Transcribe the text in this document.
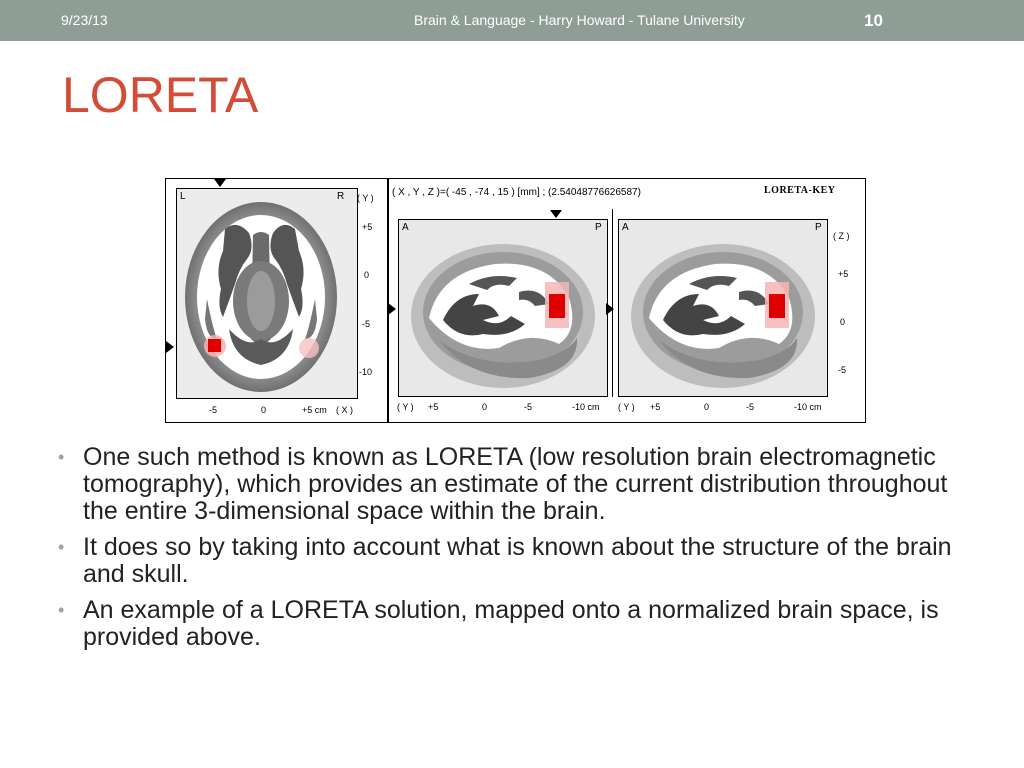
9/23/13	Brain & Language - Harry Howard - Tulane University	10
LORETA
L	R ( Y )
+5
0
-5
-10
-5	0	+5 cm ( X )
( X , Y , Z )=( -45 , -74 , 15 ) [mm] ; (2.54048776626587)	LORETA-KEY
A	P
( Y ) +5	0	-5	-10 cm
A	P
( Z )
+5
0
-5
( Y ) +5	0	-5	-10 cm
• One such method is known as LORETA (low resolution brain electromagnetic tomography), which provides an estimate of the current distribution throughout the entire 3-dimensional space within the brain.
• It does so by taking into account what is known about the structure of the brain and skull.
• An example of a LORETA solution, mapped onto a normalized brain space, is provided above.
